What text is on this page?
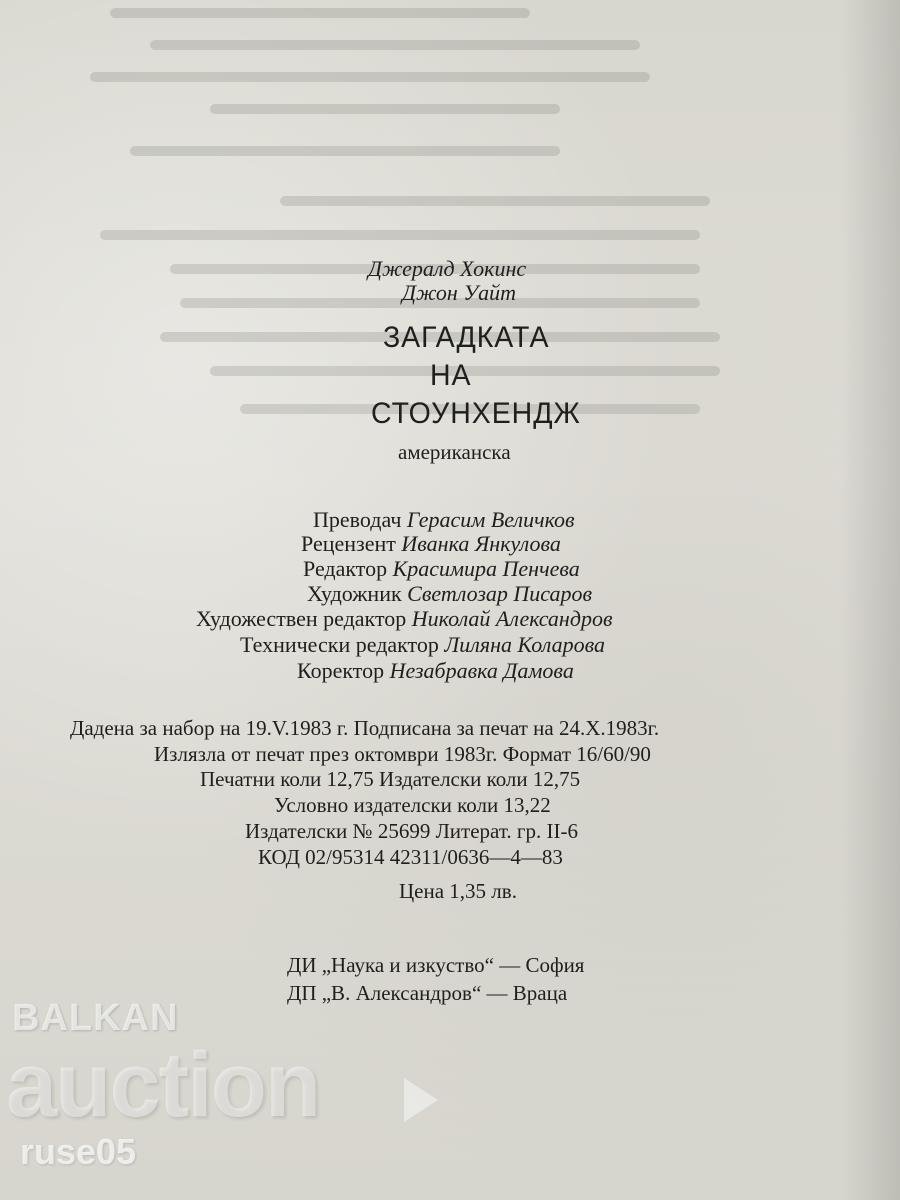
Джералд Хокинс
Джон Уайт
ЗАГАДКАТА
НА
СТОУНХЕНДЖ
американска
Преводач Герасим Величков
Рецензент Иванка Янкулова
Редактор Красимира Пенчева
Художник Светлозар Писаров
Художествен редактор Николай Александров
Технически редактор Лиляна Коларова
Коректор Незабравка Дамова
Дадена за набор на 19.V.1983 г. Подписана за печат на 24.X.1983г.
Излязла от печат през октомври 1983г. Формат 16/60/90
Печатни коли 12,75 Издателски коли 12,75
Условно издателски коли 13,22
Издателски № 25699 Литерат. гр. II-6
КОД 02/95314 42311/0636—4—83
Цена 1,35 лв.
ДИ „Наука и изкуство“ — София
ДП „В. Александров“ — Враца
BALKAN
auction
ruse05
